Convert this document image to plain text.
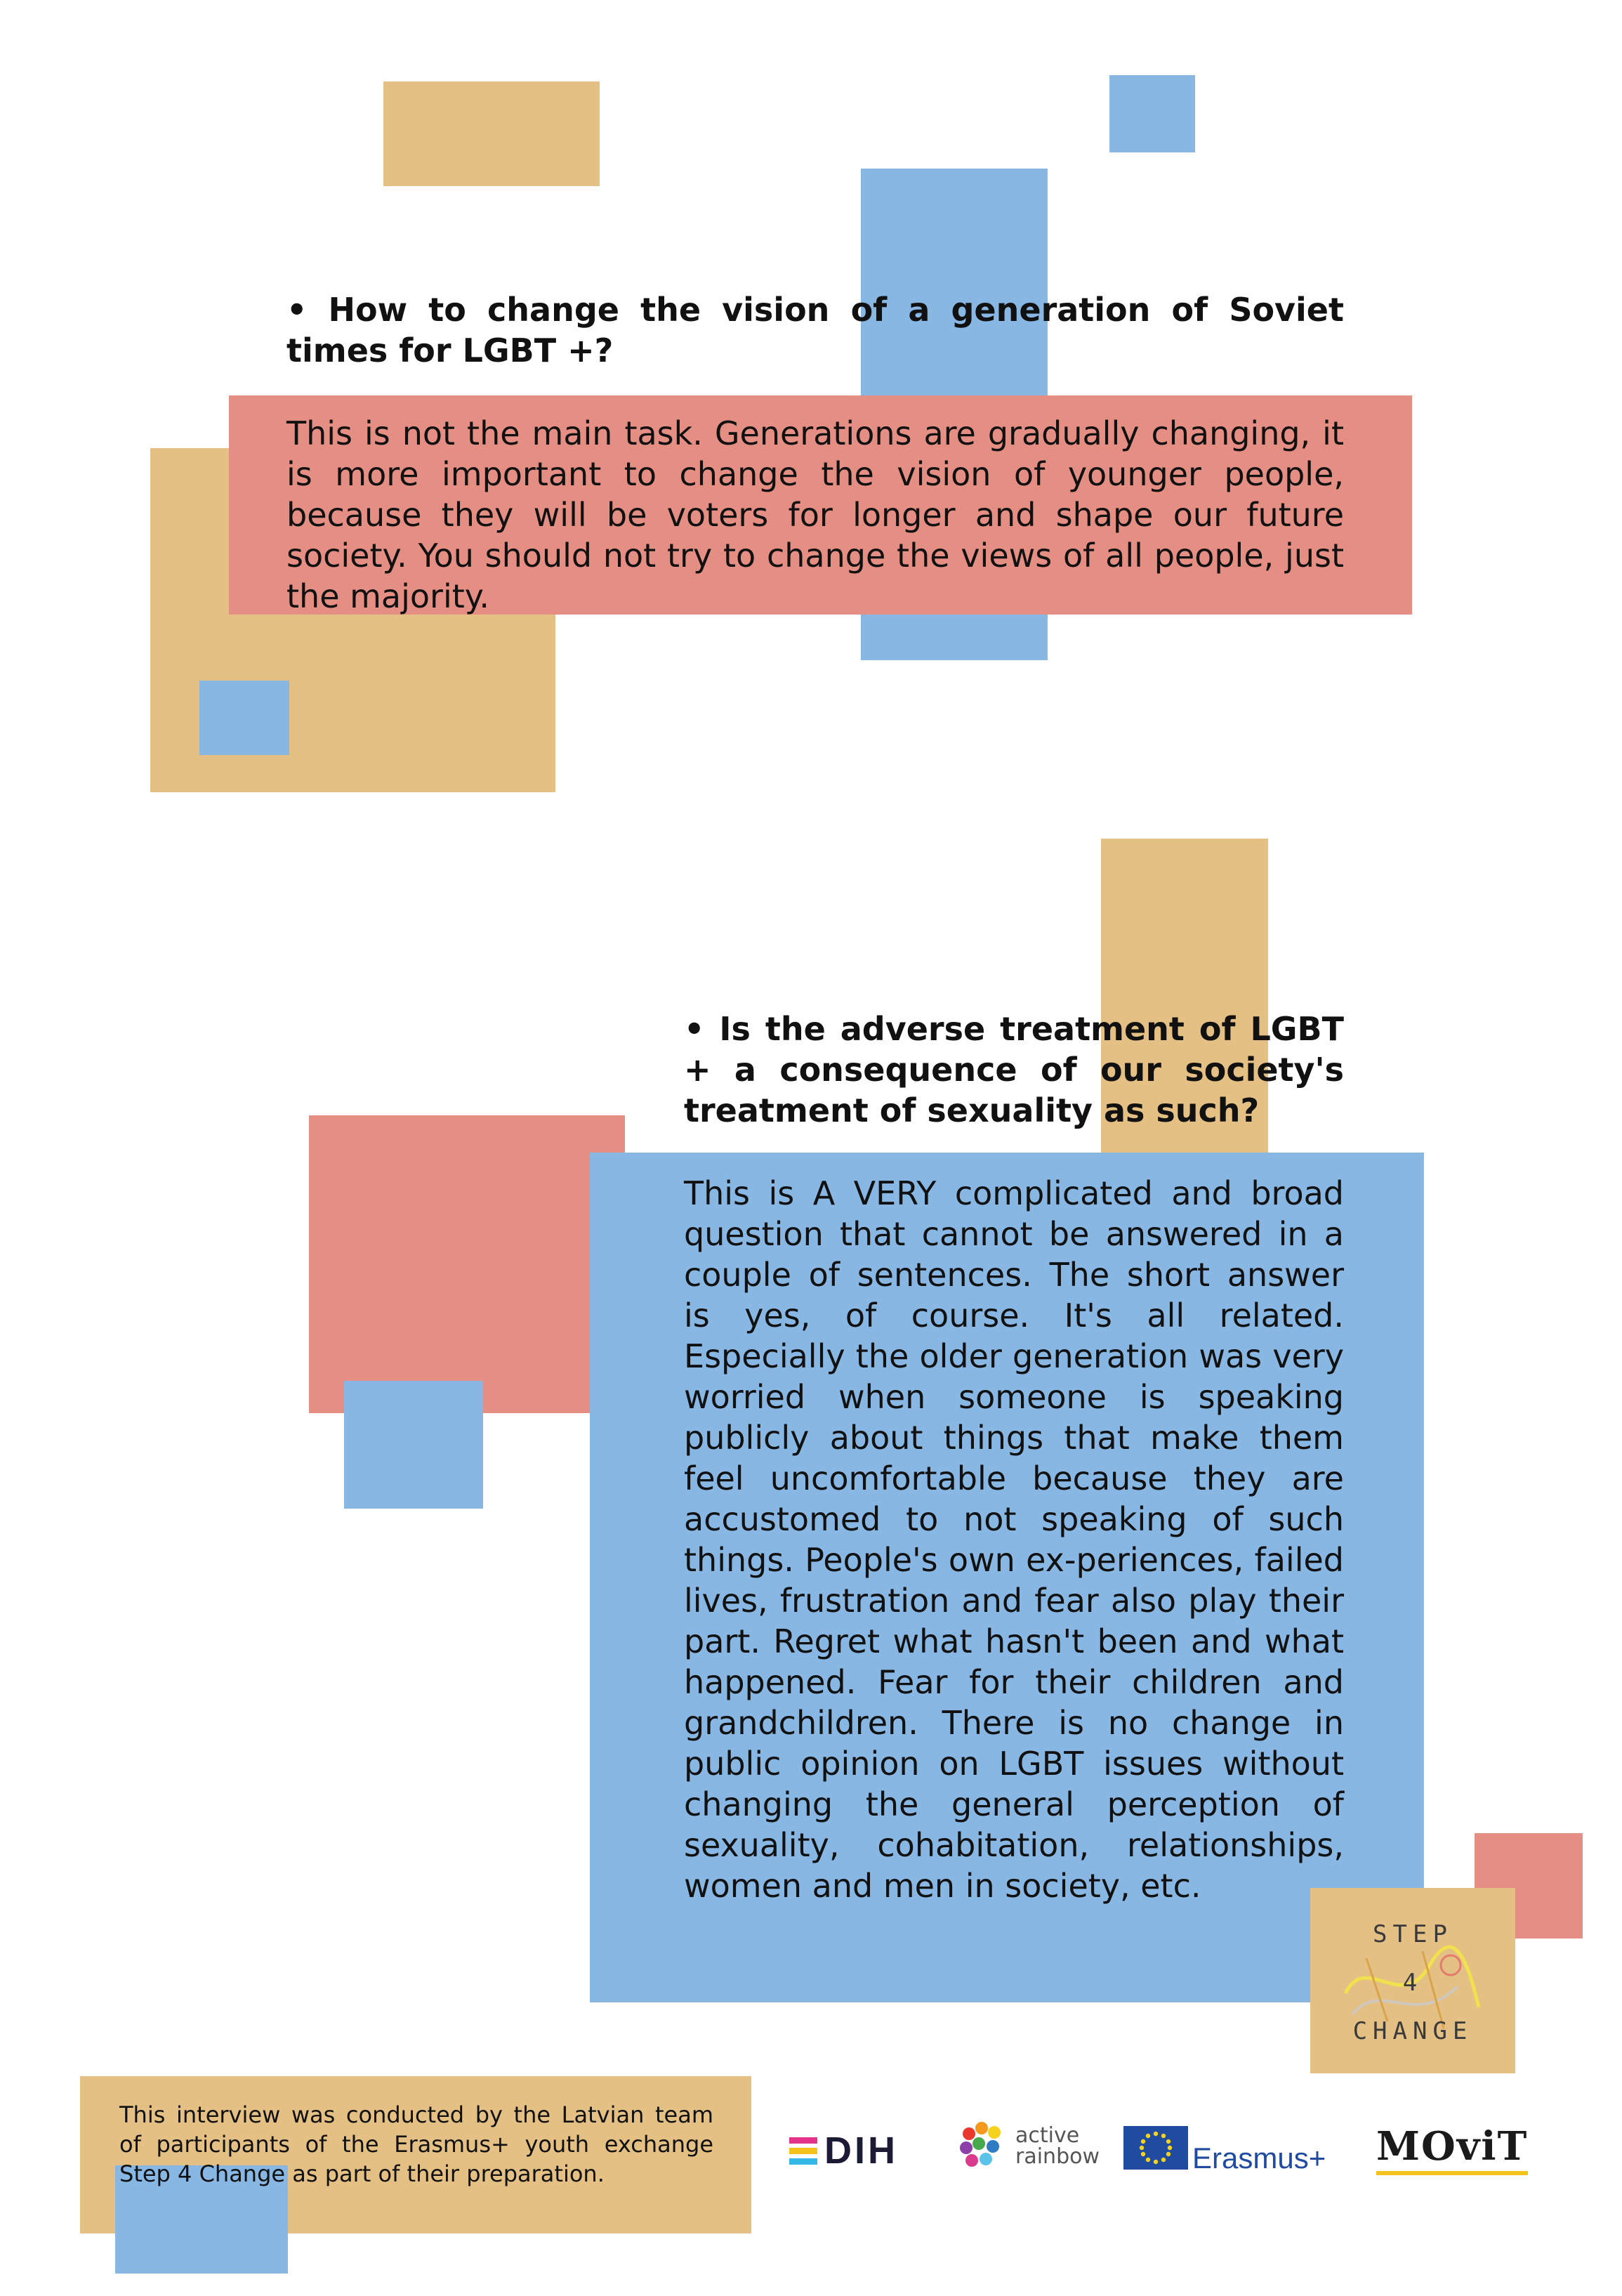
• How to change the vision of a generation of Soviet times for LGBT +?

This is not the main task. Generations are gradually changing, it is more important to change the vision of younger people, because they will be voters for longer and shape our future society. You should not try to change the views of all people, just the majority.

• Is the adverse treatment of LGBT + a consequence of our society's treatment of sexuality as such?

This is A VERY complicated and broad question that cannot be answered in a couple of sentences. The short answer is yes, of course. It's all related. Especially the older generation was very worried when someone is speaking publicly about things that make them feel uncomfortable because they are accustomed to not speaking of such things. People's own ex-periences, failed lives, frustration and fear also play their part. Regret what hasn't been and what happened. Fear for their children and grandchildren. There is no change in public opinion on LGBT issues without changing the general perception of sexuality, cohabitation, relationships, women and men in society, etc.

STEP
4
CHANGE

This interview was conducted by the Latvian team of participants of the Erasmus+ youth exchange Step 4 Change as part of their preparation.

DIH	active
rainbow	Erasmus+ MOviT
